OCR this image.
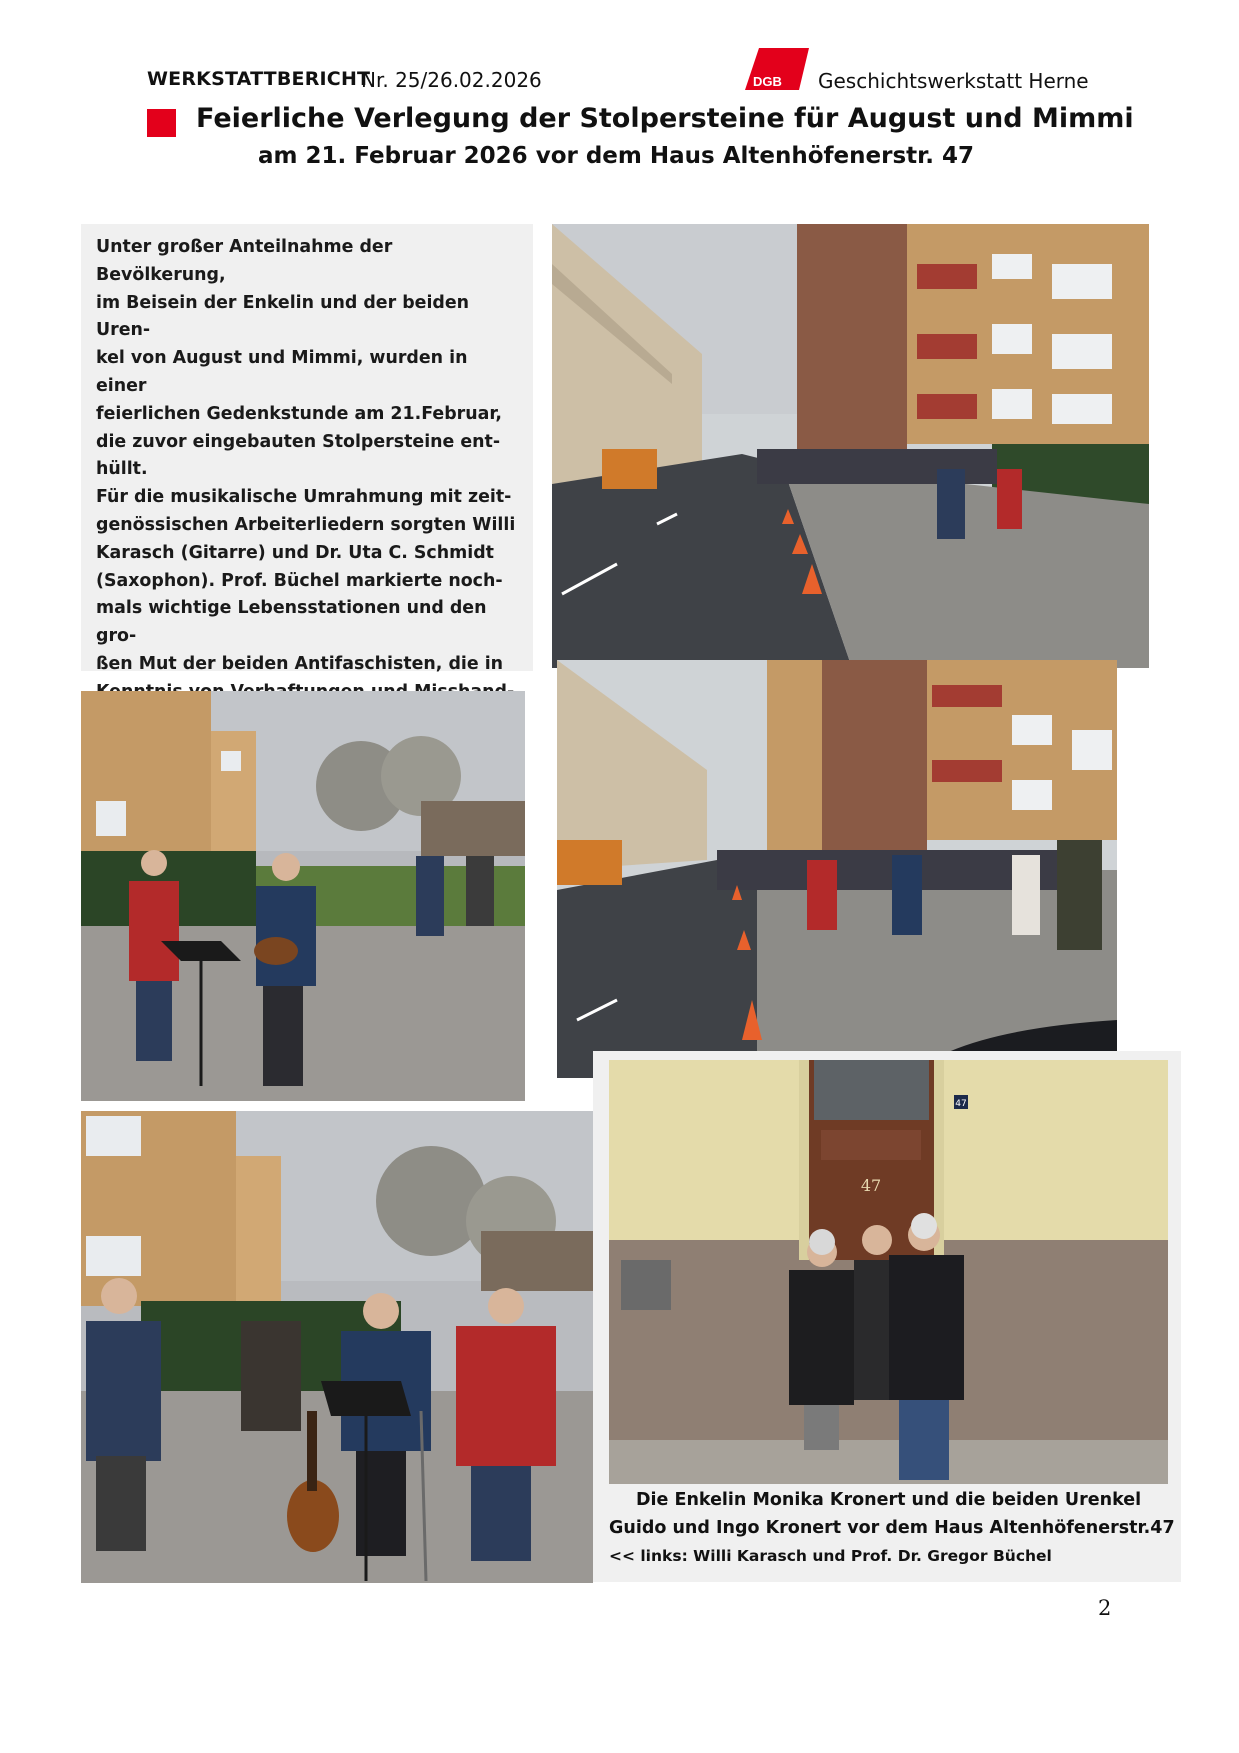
WERKSTATTBERICHT
Nr. 25/26.02.2026	DGB Geschichtswerkstatt Herne
Feierliche Verlegung der Stolpersteine für August und Mimmi
am 21. Februar 2026 vor dem Haus Altenhöfenerstr. 47

Unter großer Anteilnahme der Bevölkerung,

im Beisein der Enkelin und der beiden Uren-

kel von August und Mimmi, wurden in einer

feierlichen Gedenkstunde am 21.Februar,

die zuvor eingebauten Stolpersteine ent-

hüllt.

Für die musikalische Umrahmung mit zeit-

genössischen Arbeiterliedern sorgten Willi

Karasch (Gitarre) und Dr. Uta C. Schmidt

(Saxophon). Prof. Büchel markierte noch-

mals wichtige Lebensstationen und den gro-

ßen Mut der beiden Antifaschisten, die in

47
47
Die Enkelin Monika Kronert und die beiden Urenkel
Guido und Ingo Kronert vor dem Haus Altenhöfenerstr.47
<< links: Willi Karasch und Prof. Dr. Gregor Büchel
2
